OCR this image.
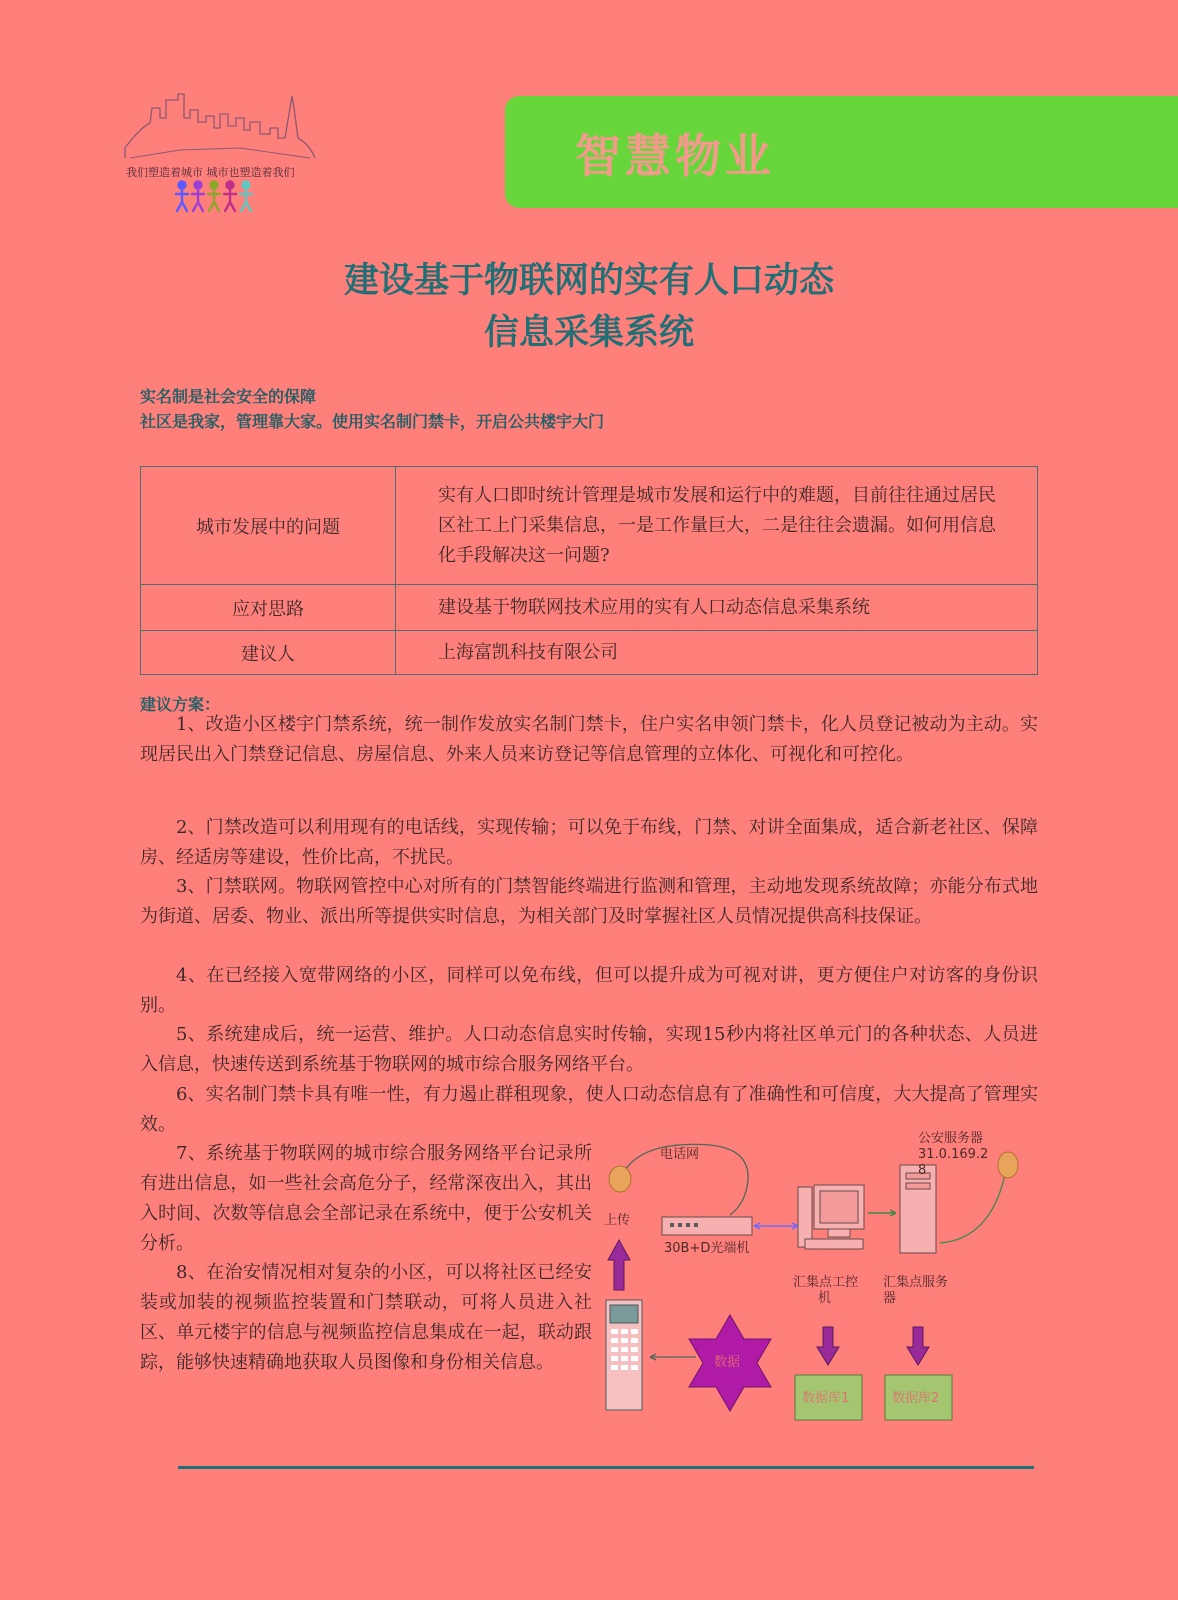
我们塑造着城市 城市也塑造着我们	智慧物业
建设基于物联网的实有人口动态
信息采集系统
实名制是社会安全的保障
社区是我家，管理靠大家。使用实名制门禁卡，开启公共楼宇大门
城市发展中的问题	实有人口即时统计管理是城市发展和运行中的难题，目前往往通过居民区社工上门采集信息，一是工作量巨大，二是往往会遗漏。如何用信息化手段解决这一问题?
应对思路	建设基于物联网技术应用的实有人口动态信息采集系统
建议人	上海富凯科技有限公司
建议方案：

1、改造小区楼宇门禁系统，统一制作发放实名制门禁卡，住户实名申领门禁卡，化人员登记被动为主动。实现居民出入门禁登记信息、房屋信息、外来人员来访登记等信息管理的立体化、可视化和可控化。

2、门禁改造可以利用现有的电话线，实现传输；可以免于布线，门禁、对讲全面集成，适合新老社区、保障房、经适房等建设，性价比高，不扰民。

3、门禁联网。物联网管控中心对所有的门禁智能终端进行监测和管理，主动地发现系统故障；亦能分布式地为街道、居委、物业、派出所等提供实时信息，为相关部门及时掌握社区人员情况提供高科技保证。

4、在已经接入宽带网络的小区，同样可以免布线，但可以提升成为可视对讲，更方便住户对访客的身份识别。

5、系统建成后，统一运营、维护。人口动态信息实时传输，实现15秒内将社区单元门的各种状态、人员进入信息，快速传送到系统基于物联网的城市综合服务网络平台。

6、实名制门禁卡具有唯一性，有力遏止群租现象，使人口动态信息有了准确性和可信度，大大提高了管理实效。

7、系统基于物联网的城市综合服务网络平台记录所有进出信息，如一些社会高危分子，经常深夜出入，其出入时间、次数等信息会全部记录在系统中，便于公安机关分析。

8、在治安情况相对复杂的小区，可以将社区已经安装或加装的视频监控装置和门禁联动，可将人员进入社区、单元楼宇的信息与视频监控信息集成在一起，联动跟踪，能够快速精确地获取人员图像和身份相关信息。

电话网
上传
30B+D光端机
公安服务器
31.0.169.2
8
汇集点工控
机
汇集点服务
器
数据
数据库1	数据库2
